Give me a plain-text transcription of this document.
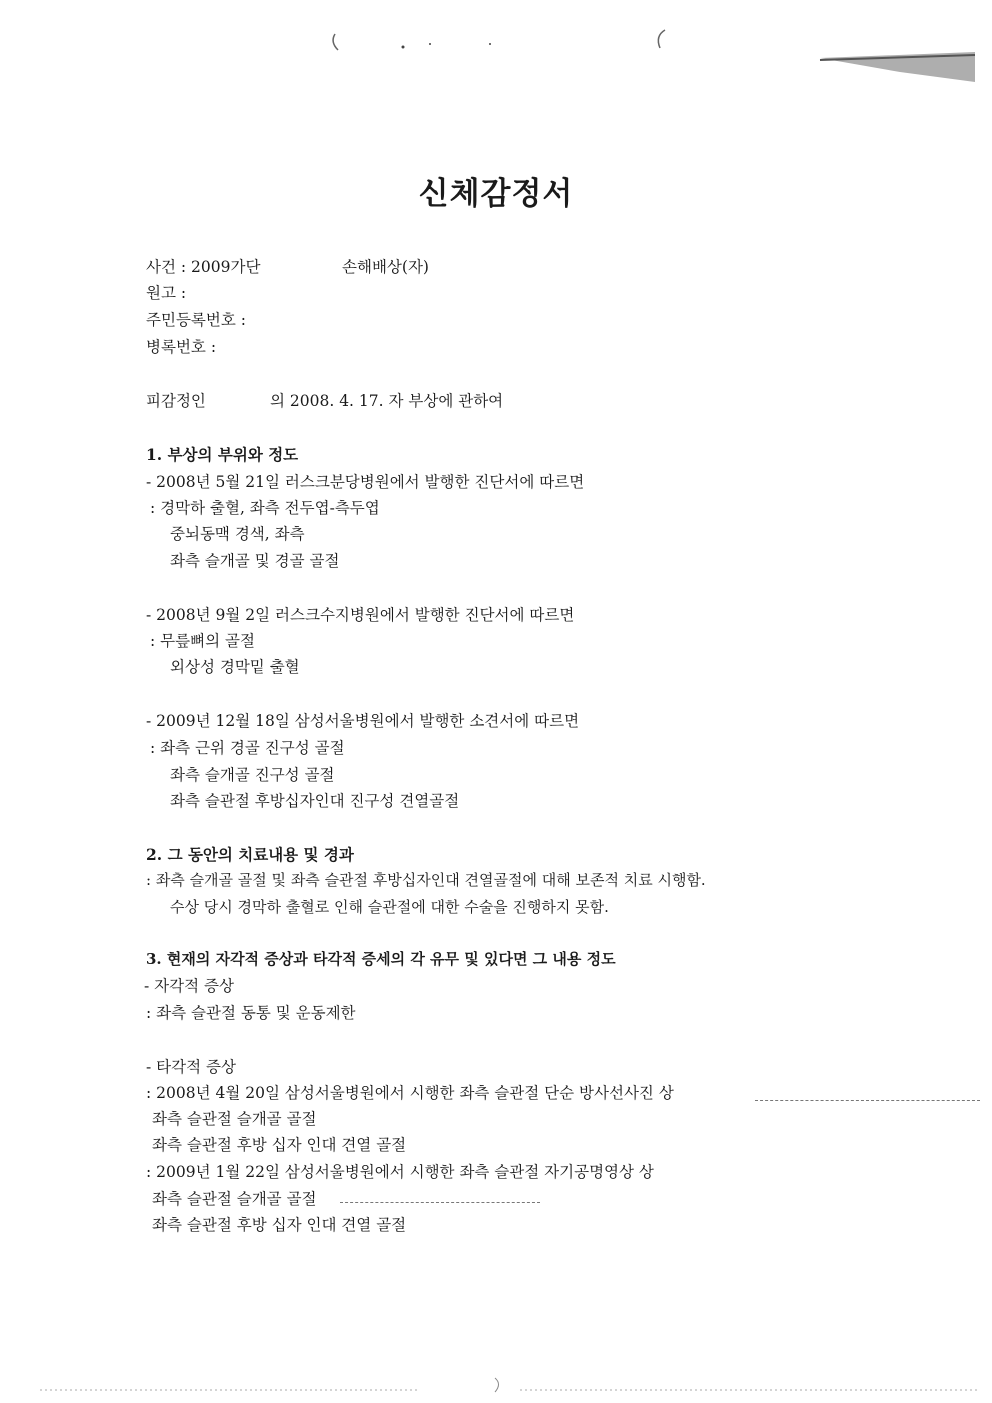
신체감정서
사건 : 2009가단	손해배상(자)
원고 :
주민등록번호 :
병록번호 :
피감정인	의 2008. 4. 17. 자 부상에 관하여
1. 부상의 부위와 정도
- 2008년 5월 21일 러스크분당병원에서 발행한 진단서에 따르면
: 경막하 출혈, 좌측 전두엽-측두엽
중뇌동맥 경색, 좌측
좌측 슬개골 및 경골 골절
- 2008년 9월 2일 러스크수지병원에서 발행한 진단서에 따르면
: 무릎뼈의 골절
외상성 경막밑 출혈
- 2009년 12월 18일 삼성서울병원에서 발행한 소견서에 따르면
: 좌측 근위 경골 진구성 골절
좌측 슬개골 진구성 골절
좌측 슬관절 후방십자인대 진구성 견열골절
2. 그 동안의 치료내용 및 경과
: 좌측 슬개골 골절 및 좌측 슬관절 후방십자인대 견열골절에 대해 보존적 치료 시행함.
수상 당시 경막하 출혈로 인해 슬관절에 대한 수술을 진행하지 못함.
3. 현재의 자각적 증상과 타각적 증세의 각 유무 및 있다면 그 내용 정도
- 자각적 증상
: 좌측 슬관절 동통 및 운동제한
- 타각적 증상
: 2008년 4월 20일 삼성서울병원에서 시행한 좌측 슬관절 단순 방사선사진 상
좌측 슬관절 슬개골 골절
좌측 슬관절 후방 십자 인대 견열 골절
: 2009년 1월 22일 삼성서울병원에서 시행한 좌측 슬관절 자기공명영상 상
좌측 슬관절 슬개골 골절
좌측 슬관절 후방 십자 인대 견열 골절
